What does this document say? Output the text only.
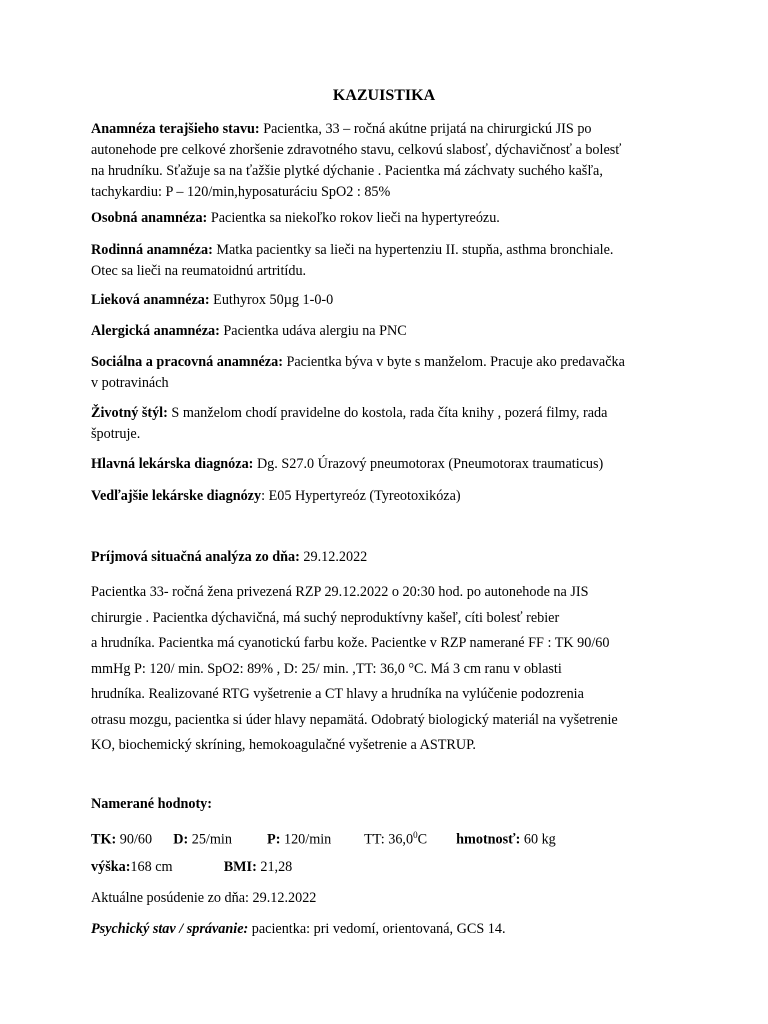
KAZUISTIKA
Anamnéza terajšieho stavu: Pacientka, 33 – ročná akútne prijatá na chirurgickú JIS po
autonehode pre celkové zhoršenie zdravotného stavu, celkovú slabosť, dýchavičnosť a bolesť
na hrudníku. Sťažuje sa na ťažšie plytké dýchanie . Pacientka má záchvaty suchého kašľa,
tachykardiu: P – 120/min,hyposaturáciu SpO2 : 85%
Osobná anamnéza: Pacientka sa niekoľko rokov lieči na hypertyreózu.
Rodinná anamnéza: Matka pacientky sa lieči na hypertenziu II. stupňa, asthma bronchiale.
Otec sa lieči na reumatoidnú artritídu.
Lieková anamnéza: Euthyrox 50µg 1-0-0
Alergická anamnéza: Pacientka udáva alergiu na PNC
Sociálna a pracovná anamnéza: Pacientka býva v byte s manželom. Pracuje ako predavačka
v potravinách
Životný štýl: S manželom chodí pravidelne do kostola, rada číta knihy , pozerá filmy, rada
špotruje.
Hlavná lekárska diagnóza: Dg. S27.0 Úrazový pneumotorax (Pneumotorax traumaticus)
Vedľajšie lekárske diagnózy: E05 Hypertyreóz (Tyreotoxikóza)
Príjmová situačná analýza zo dňa: 29.12.2022
Pacientka 33- ročná žena privezená RZP 29.12.2022 o 20:30 hod. po autonehode na JIS
chirurgie . Pacientka dýchavičná, má suchý neproduktívny kašeľ, cíti bolesť rebier
a hrudníka. Pacientka má cyanotickú farbu kože. Pacientke v RZP namerané FF : TK 90/60
mmHg P: 120/ min. SpO2: 89% , D: 25/ min. ,TT: 36,0 °C. Má 3 cm ranu v oblasti
hrudníka. Realizované RTG vyšetrenie a CT hlavy a hrudníka na vylúčenie podozrenia
otrasu mozgu, pacientka si úder hlavy nepamätá. Odobratý biologický materiál na vyšetrenie
KO, biochemický skríning, hemokoagulačné vyšetrenie a ASTRUP.
Namerané hodnoty:
TK: 90/60 D: 25/min P: 120/min TT: 36,0$^0$C hmotnosť: 60 kg
výška:168 cm	BMI: 21,28
Aktuálne posúdenie zo dňa: 29.12.2022
Psychický stav / správanie: pacientka: pri vedomí, orientovaná, GCS 14.
